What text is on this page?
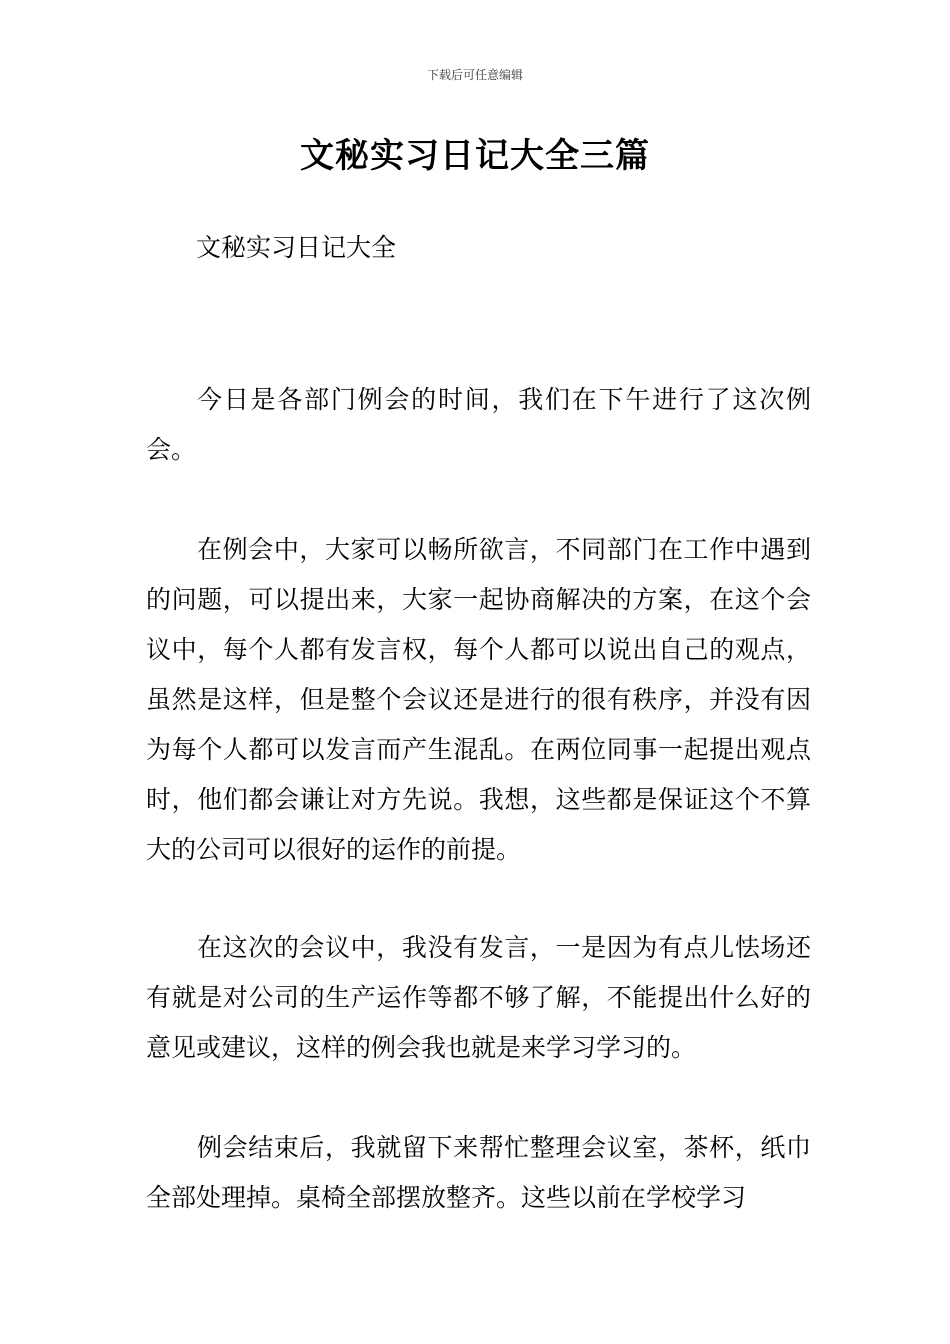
下载后可任意编辑
文秘实习日记大全三篇
文秘实习日记大全

今日是各部门例会的时间，我们在下午进行了这次例会。

在例会中，大家可以畅所欲言，不同部门在工作中遇到的问题，可以提出来，大家一起协商解决的方案，在这个会议中，每个人都有发言权，每个人都可以说出自己的观点，虽然是这样，但是整个会议还是进行的很有秩序，并没有因为每个人都可以发言而产生混乱。在两位同事一起提出观点时，他们都会谦让对方先说。我想，这些都是保证这个不算大的公司可以很好的运作的前提。

在这次的会议中，我没有发言，一是因为有点儿怯场还有就是对公司的生产运作等都不够了解，不能提出什么好的意见或建议，这样的例会我也就是来学习学习的。

例会结束后，我就留下来帮忙整理会议室，茶杯，纸巾全部处理掉。桌椅全部摆放整齐。这些以前在学校学习
